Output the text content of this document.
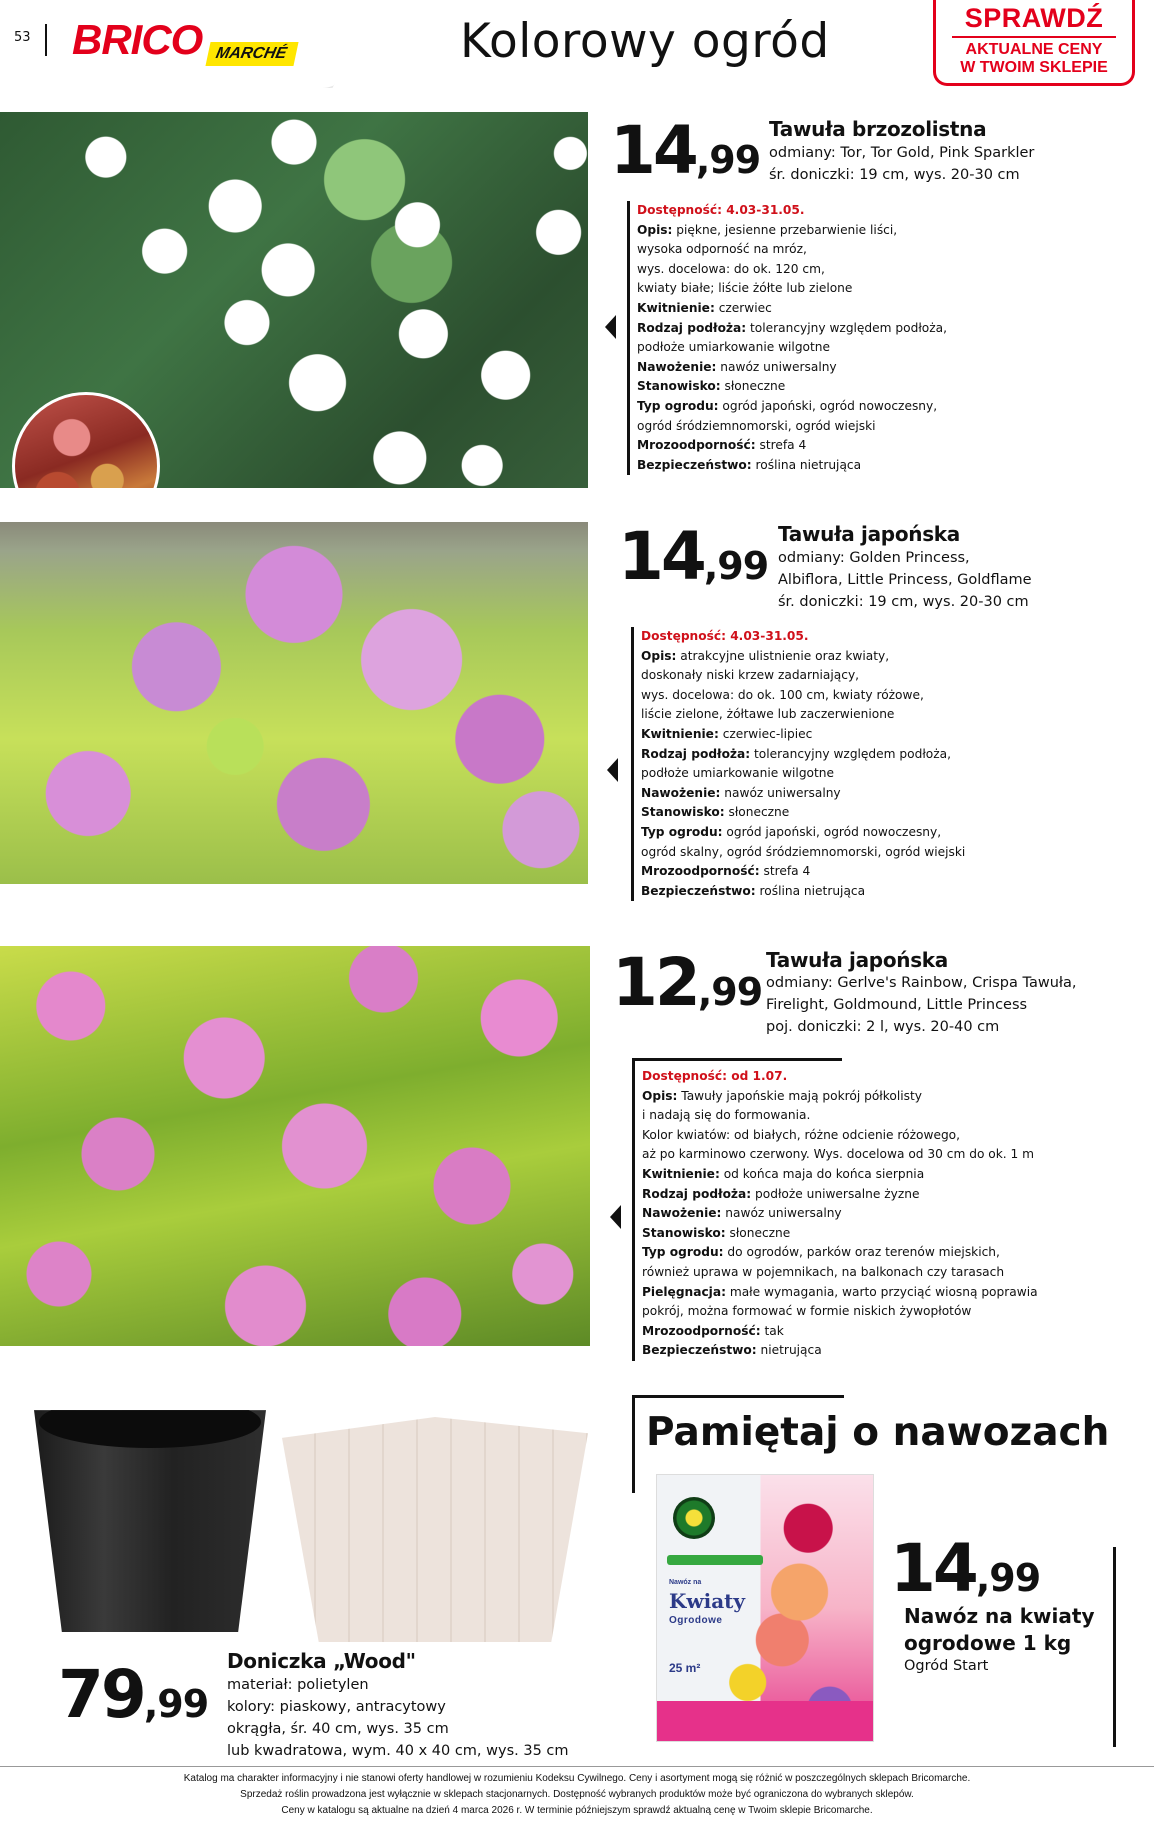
53 BRICO MARCHÉ	Kolorowy ogród	SPRAWDŹ
AKTUALNE CENY
W TWOIM SKLEPIE
14,99
Tawuła brzozolistna
odmiany: Tor, Tor Gold, Pink Sparkler
śr. doniczki: 19 cm, wys. 20-30 cm
Dostępność: 4.03-31.05.
Opis: piękne, jesienne przebarwienie liści,
wysoka odporność na mróz,
wys. docelowa: do ok. 120 cm,
kwiaty białe; liście żółte lub zielone
Kwitnienie: czerwiec
Rodzaj podłoża: tolerancyjny względem podłoża,
podłoże umiarkowanie wilgotne
Nawożenie: nawóz uniwersalny
Stanowisko: słoneczne
Typ ogrodu: ogród japoński, ogród nowoczesny,
ogród śródziemnomorski, ogród wiejski
Mrozoodporność: strefa 4
Bezpieczeństwo: roślina nietrująca
14,99
Tawuła japońska
odmiany: Golden Princess,
Albiflora, Little Princess, Goldflame
śr. doniczki: 19 cm, wys. 20-30 cm
Dostępność: 4.03-31.05.
Opis: atrakcyjne ulistnienie oraz kwiaty,
doskonały niski krzew zadarniający,
wys. docelowa: do ok. 100 cm, kwiaty różowe,
liście zielone, żółtawe lub zaczerwienione
Kwitnienie: czerwiec-lipiec
Rodzaj podłoża: tolerancyjny względem podłoża,
podłoże umiarkowanie wilgotne
Nawożenie: nawóz uniwersalny
Stanowisko: słoneczne
Typ ogrodu: ogród japoński, ogród nowoczesny,
ogród skalny, ogród śródziemnomorski, ogród wiejski
Mrozoodporność: strefa 4
Bezpieczeństwo: roślina nietrująca
12,99
Tawuła japońska
odmiany: Gerlve's Rainbow, Crispa Tawuła,
Firelight, Goldmound, Little Princess
poj. doniczki: 2 l, wys. 20-40 cm
Dostępność: od 1.07.
Opis: Tawuły japońskie mają pokrój półkolisty
i nadają się do formowania.
Kolor kwiatów: od białych, różne odcienie różowego,
aż po karminowo czerwony. Wys. docelowa od 30 cm do ok. 1 m
Kwitnienie: od końca maja do końca sierpnia
Rodzaj podłoża: podłoże uniwersalne żyzne
Nawożenie: nawóz uniwersalny
Stanowisko: słoneczne
Typ ogrodu: do ogrodów, parków oraz terenów miejskich,
również uprawa w pojemnikach, na balkonach czy tarasach
Pielęgnacja: małe wymagania, warto przyciąć wiosną poprawia
pokrój, można formować w formie niskich żywopłotów
Mrozoodporność: tak
Bezpieczeństwo: nietrująca
79,99
Doniczka „Wood"
materiał: polietylen
kolory: piaskowy, antracytowy
okrągła, śr. 40 cm, wys. 35 cm
lub kwadratowa, wym. 40 x 40 cm, wys. 35 cm
Pamiętaj o nawozach
Nawóz na
Kwiaty
Ogrodowe
25 m²
14,99
Nawóz na kwiaty
ogrodowe 1 kg
Ogród Start
Katalog ma charakter informacyjny i nie stanowi oferty handlowej w rozumieniu Kodeksu Cywilnego. Ceny i asortyment mogą się różnić w poszczególnych sklepach Bricomarche.
Sprzedaż roślin prowadzona jest wyłącznie w sklepach stacjonarnych. Dostępność wybranych produktów może być ograniczona do wybranych sklepów.
Ceny w katalogu są aktualne na dzień 4 marca 2026 r. W terminie późniejszym sprawdź aktualną cenę w Twoim sklepie Bricomarche.
